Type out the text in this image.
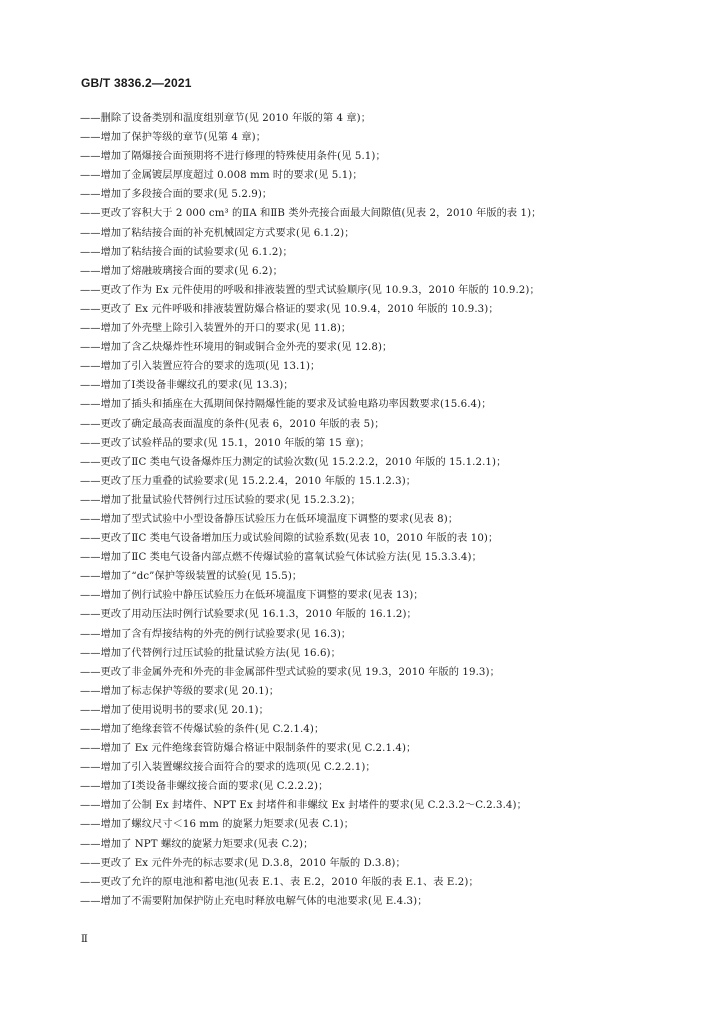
GB/T 3836.2—2021
——删除了设备类别和温度组别章节(见 2010 年版的第 4 章)；
——增加了保护等级的章节(见第 4 章)；
——增加了隔爆接合面预期将不进行修理的特殊使用条件(见 5.1)；
——增加了金属镀层厚度超过 0.008 mm 时的要求(见 5.1)；
——增加了多段接合面的要求(见 5.2.9)；
——更改了容积大于 2 000 cm³ 的ⅡA 和ⅡB 类外壳接合面最大间隙值(见表 2，2010 年版的表 1)；
——增加了粘结接合面的补充机械固定方式要求(见 6.1.2)；
——增加了粘结接合面的试验要求(见 6.1.2)；
——增加了熔融玻璃接合面的要求(见 6.2)；
——更改了作为 Ex 元件使用的呼吸和排液装置的型式试验顺序(见 10.9.3，2010 年版的 10.9.2)；
——更改了 Ex 元件呼吸和排液装置防爆合格证的要求(见 10.9.4，2010 年版的 10.9.3)；
——增加了外壳壁上除引入装置外的开口的要求(见 11.8)；
——增加了含乙炔爆炸性环境用的铜或铜合金外壳的要求(见 12.8)；
——增加了引入装置应符合的要求的选项(见 13.1)；
——增加了Ⅰ类设备非螺纹孔的要求(见 13.3)；
——增加了插头和插座在大孤期间保持隔爆性能的要求及试验电路功率因数要求(15.6.4)；
——更改了确定最高表面温度的条件(见表 6，2010 年版的表 5)；
——更改了试验样品的要求(见 15.1，2010 年版的第 15 章)；
——更改了ⅡC 类电气设备爆炸压力测定的试验次数(见 15.2.2.2，2010 年版的 15.1.2.1)；
——更改了压力重叠的试验要求(见 15.2.2.4，2010 年版的 15.1.2.3)；
——增加了批量试验代替例行过压试验的要求(见 15.2.3.2)；
——增加了型式试验中小型设备静压试验压力在低环境温度下调整的要求(见表 8)；
——更改了ⅡC 类电气设备增加压力或试验间隙的试验系数(见表 10，2010 年版的表 10)；
——增加了ⅡC 类电气设备内部点燃不传爆试验的富氧试验气体试验方法(见 15.3.3.4)；
——增加了“dc”保护等级装置的试验(见 15.5)；
——增加了例行试验中静压试验压力在低环境温度下调整的要求(见表 13)；
——更改了用动压法时例行试验要求(见 16.1.3，2010 年版的 16.1.2)；
——增加了含有焊接结构的外壳的例行试验要求(见 16.3)；
——增加了代替例行过压试验的批量试验方法(见 16.6)；
——更改了非金属外壳和外壳的非金属部件型式试验的要求(见 19.3，2010 年版的 19.3)；
——增加了标志保护等级的要求(见 20.1)；
——增加了使用说明书的要求(见 20.1)；
——增加了绝缘套管不传爆试验的条件(见 C.2.1.4)；
——增加了 Ex 元件绝缘套管防爆合格证中限制条件的要求(见 C.2.1.4)；
——增加了引入装置螺纹接合面符合的要求的选项(见 C.2.2.1)；
——增加了Ⅰ类设备非螺纹接合面的要求(见 C.2.2.2)；
——增加了公制 Ex 封堵件、NPT Ex 封堵件和非螺纹 Ex 封堵件的要求(见 C.2.3.2～C.2.3.4)；
——增加了螺纹尺寸＜16 mm 的旋紧力矩要求(见表 C.1)；
——增加了 NPT 螺纹的旋紧力矩要求(见表 C.2)；
——更改了 Ex 元件外壳的标志要求(见 D.3.8，2010 年版的 D.3.8)；
——更改了允许的原电池和蓄电池(见表 E.1、表 E.2，2010 年版的表 E.1、表 E.2)；
——增加了不需要附加保护防止充电时释放电解气体的电池要求(见 E.4.3)；
Ⅱ
